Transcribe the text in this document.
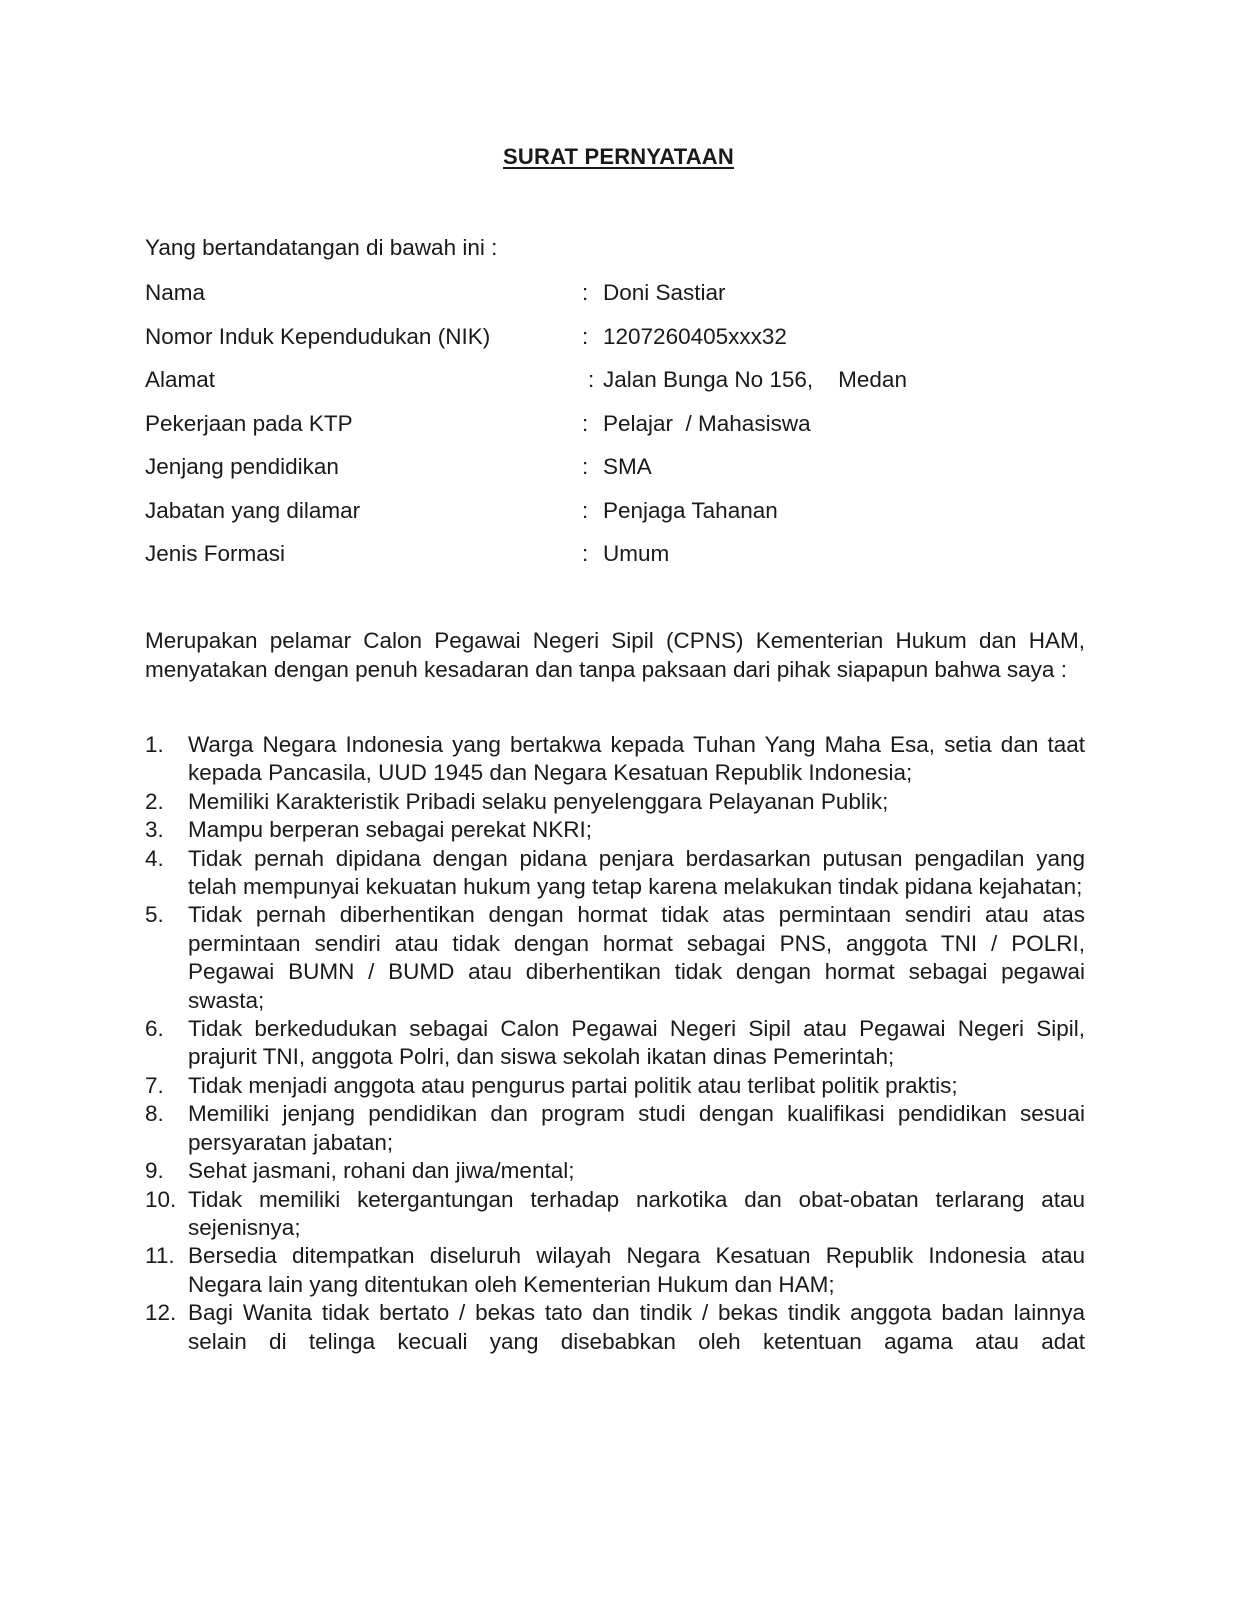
SURAT PERNYATAAN
Yang bertandatangan di bawah ini :
Nama	: Doni Sastiar
Nomor Induk Kependudukan (NIK)	: 1207260405xxx32
Alamat	: Jalan Bunga No 156,    Medan
Pekerjaan pada KTP	: Pelajar  / Mahasiswa
Jenjang pendidikan	: SMA
Jabatan yang dilamar	: Penjaga Tahanan
Jenis Formasi	: Umum
Merupakan pelamar Calon Pegawai Negeri Sipil (CPNS) Kementerian Hukum dan HAM, menyatakan dengan penuh kesadaran dan tanpa paksaan dari pihak siapapun bahwa saya :
1. Warga Negara Indonesia yang bertakwa kepada Tuhan Yang Maha Esa, setia dan taat kepada Pancasila, UUD 1945 dan Negara Kesatuan Republik Indonesia;
2. Memiliki Karakteristik Pribadi selaku penyelenggara Pelayanan Publik;
3. Mampu berperan sebagai perekat NKRI;
4. Tidak pernah dipidana dengan pidana penjara berdasarkan putusan pengadilan yang telah mempunyai kekuatan hukum yang tetap karena melakukan tindak pidana kejahatan;
5. Tidak pernah diberhentikan dengan hormat tidak atas permintaan sendiri atau atas permintaan sendiri atau tidak dengan hormat sebagai PNS, anggota TNI / POLRI, Pegawai BUMN / BUMD atau diberhentikan tidak dengan hormat sebagai pegawai swasta;
6. Tidak berkedudukan sebagai Calon Pegawai Negeri Sipil atau Pegawai Negeri Sipil, prajurit TNI, anggota Polri, dan siswa sekolah ikatan dinas Pemerintah;
7. Tidak menjadi anggota atau pengurus partai politik atau terlibat politik praktis;
8. Memiliki jenjang pendidikan dan program studi dengan kualifikasi pendidikan sesuai persyaratan jabatan;
9. Sehat jasmani, rohani dan jiwa/mental;
10. Tidak memiliki ketergantungan terhadap narkotika dan obat-obatan terlarang atau sejenisnya;
11. Bersedia ditempatkan diseluruh wilayah Negara Kesatuan Republik Indonesia atau Negara lain yang ditentukan oleh Kementerian Hukum dan HAM;
12. Bagi Wanita tidak bertato / bekas tato dan tindik / bekas tindik anggota badan lainnya selain di telinga kecuali yang disebabkan oleh ketentuan agama atau adat
